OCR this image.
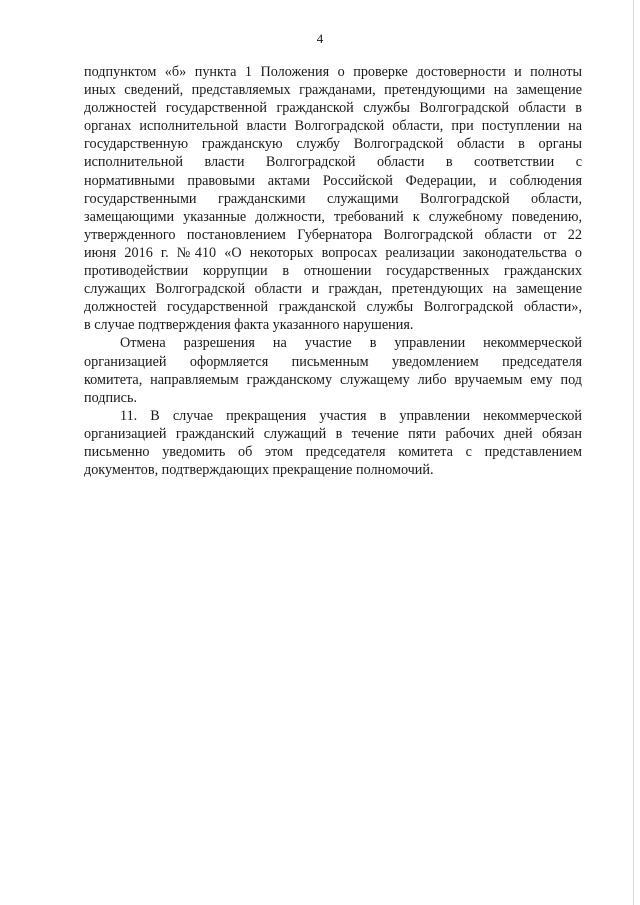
4
подпунктом «б» пункта 1 Положения о проверке достоверности и полноты
иных сведений, представляемых гражданами, претендующими на замещение
должностей государственной гражданской службы Волгоградской области в
органах исполнительной власти Волгоградской области, при поступлении на
государственную гражданскую службу Волгоградской области в органы
исполнительной власти Волгоградской области в соответствии с
нормативными правовыми актами Российской Федерации, и соблюдения
государственными гражданскими служащими Волгоградской области,
замещающими указанные должности, требований к служебному поведению,
утвержденного постановлением Губернатора Волгоградской области от 22
июня 2016 г. №410 «О некоторых вопросах реализации законодательства о
противодействии коррупции в отношении государственных гражданских
служащих Волгоградской области и граждан, претендующих на замещение
должностей государственной гражданской службы Волгоградской области»,
в случае подтверждения факта указанного нарушения.
Отмена разрешения на участие в управлении некоммерческой
организацией оформляется письменным уведомлением председателя
комитета, направляемым гражданскому служащему либо вручаемым ему под
подпись.
11. В случае прекращения участия в управлении некоммерческой
организацией гражданский служащий в течение пяти рабочих дней обязан
письменно уведомить об этом председателя комитета с представлением
документов, подтверждающих прекращение полномочий.
